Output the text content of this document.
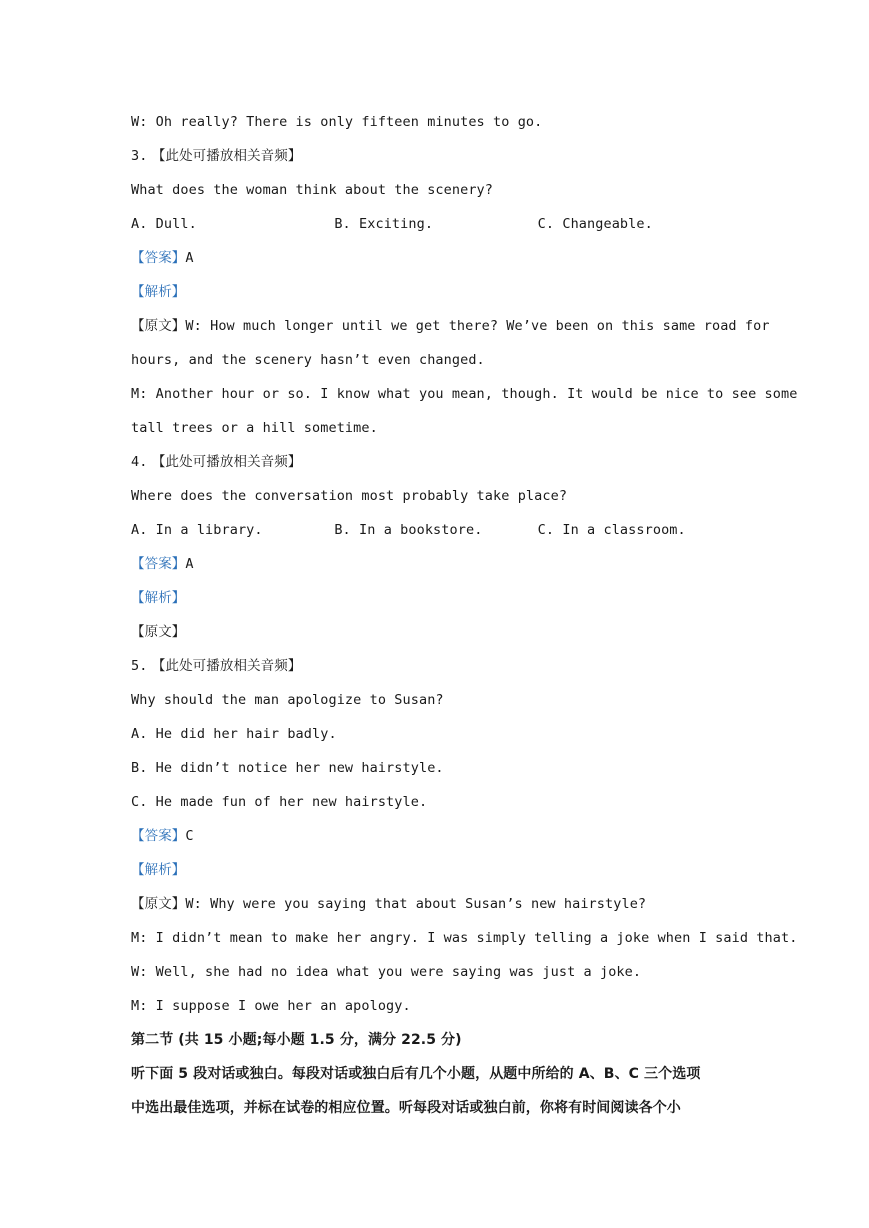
W: Oh really? There is only fifteen minutes to go.
3. 【此处可播放相关音频】
What does the woman think about the scenery?
A. Dull.	B. Exciting.	C. Changeable.
【答案】A
【解析】
【原文】W: How much longer until we get there? We’ve been on this same road for
hours, and the scenery hasn’t even changed.
M: Another hour or so. I know what you mean, though. It would be nice to see some
tall trees or a hill sometime.
4. 【此处可播放相关音频】
Where does the conversation most probably take place?
A. In a library.	B. In a bookstore.	C. In a classroom.
【答案】A
【解析】
【原文】
5. 【此处可播放相关音频】
Why should the man apologize to Susan?
A. He did her hair badly.
B. He didn’t notice her new hairstyle.
C. He made fun of her new hairstyle.
【答案】C
【解析】
【原文】W: Why were you saying that about Susan’s new hairstyle?
M: I didn’t mean to make her angry. I was simply telling a joke when I said that.
W: Well, she had no idea what you were saying was just a joke.
M: I suppose I owe her an apology.
第二节 (共 15 小题;每小题 1.5 分，满分 22.5 分)
听下面 5 段对话或独白。每段对话或独白后有几个小题，从题中所给的 A、B、C 三个选项
中选出最佳选项，并标在试卷的相应位置。听每段对话或独白前，你将有时间阅读各个小
